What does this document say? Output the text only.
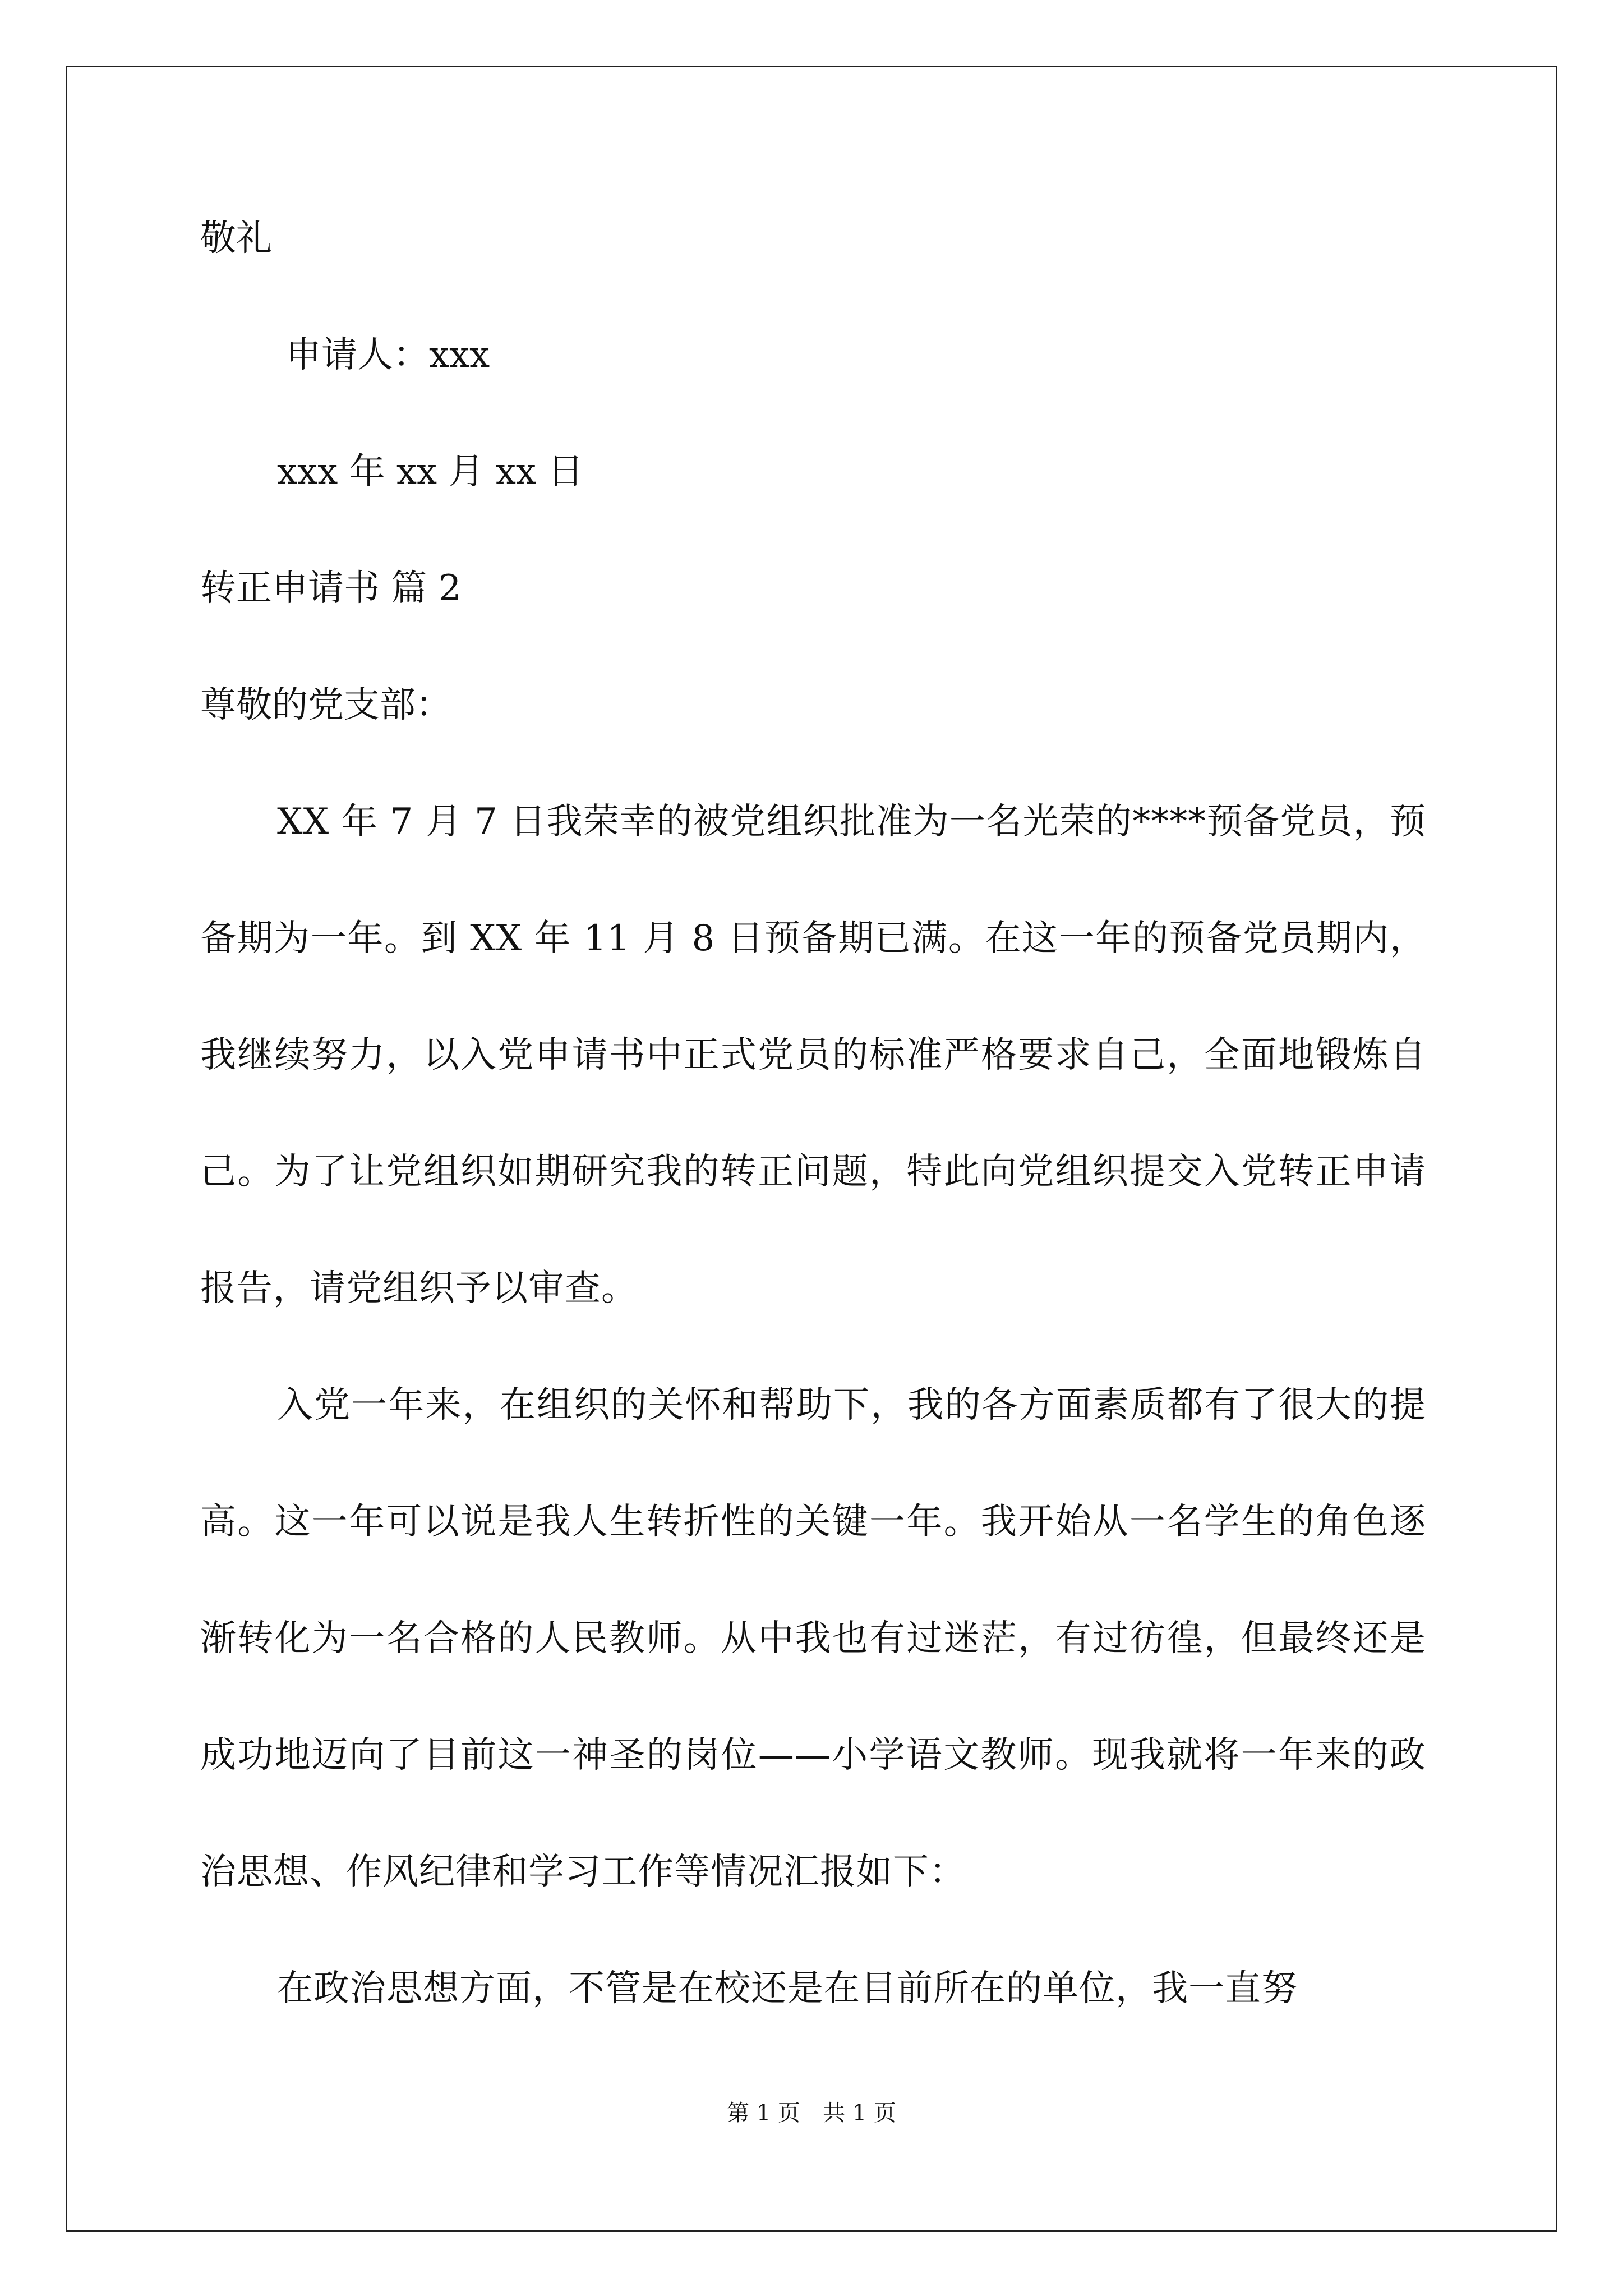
敬礼

申请人：xxx

xxx 年 xx 月 xx 日

转正申请书 篇 2

尊敬的党支部：

XX 年 7 月 7 日我荣幸的被党组织批准为一名光荣的****预备党员，预备期为一年。到 XX 年 11 月 8 日预备期已满。在这一年的预备党员期内，我继续努力，以入党申请书中正式党员的标准严格要求自己，全面地锻炼自己。为了让党组织如期研究我的转正问题，特此向党组织提交入党转正申请报告，请党组织予以审查。

入党一年来，在组织的关怀和帮助下，我的各方面素质都有了很大的提高。这一年可以说是我人生转折性的关键一年。我开始从一名学生的角色逐渐转化为一名合格的人民教师。从中我也有过迷茫，有过彷徨，但最终还是成功地迈向了目前这一神圣的岗位——小学语文教师。现我就将一年来的政治思想、作风纪律和学习工作等情况汇报如下：

在政治思想方面，不管是在校还是在目前所在的单位，我一直努

第 1 页　共 1 页
